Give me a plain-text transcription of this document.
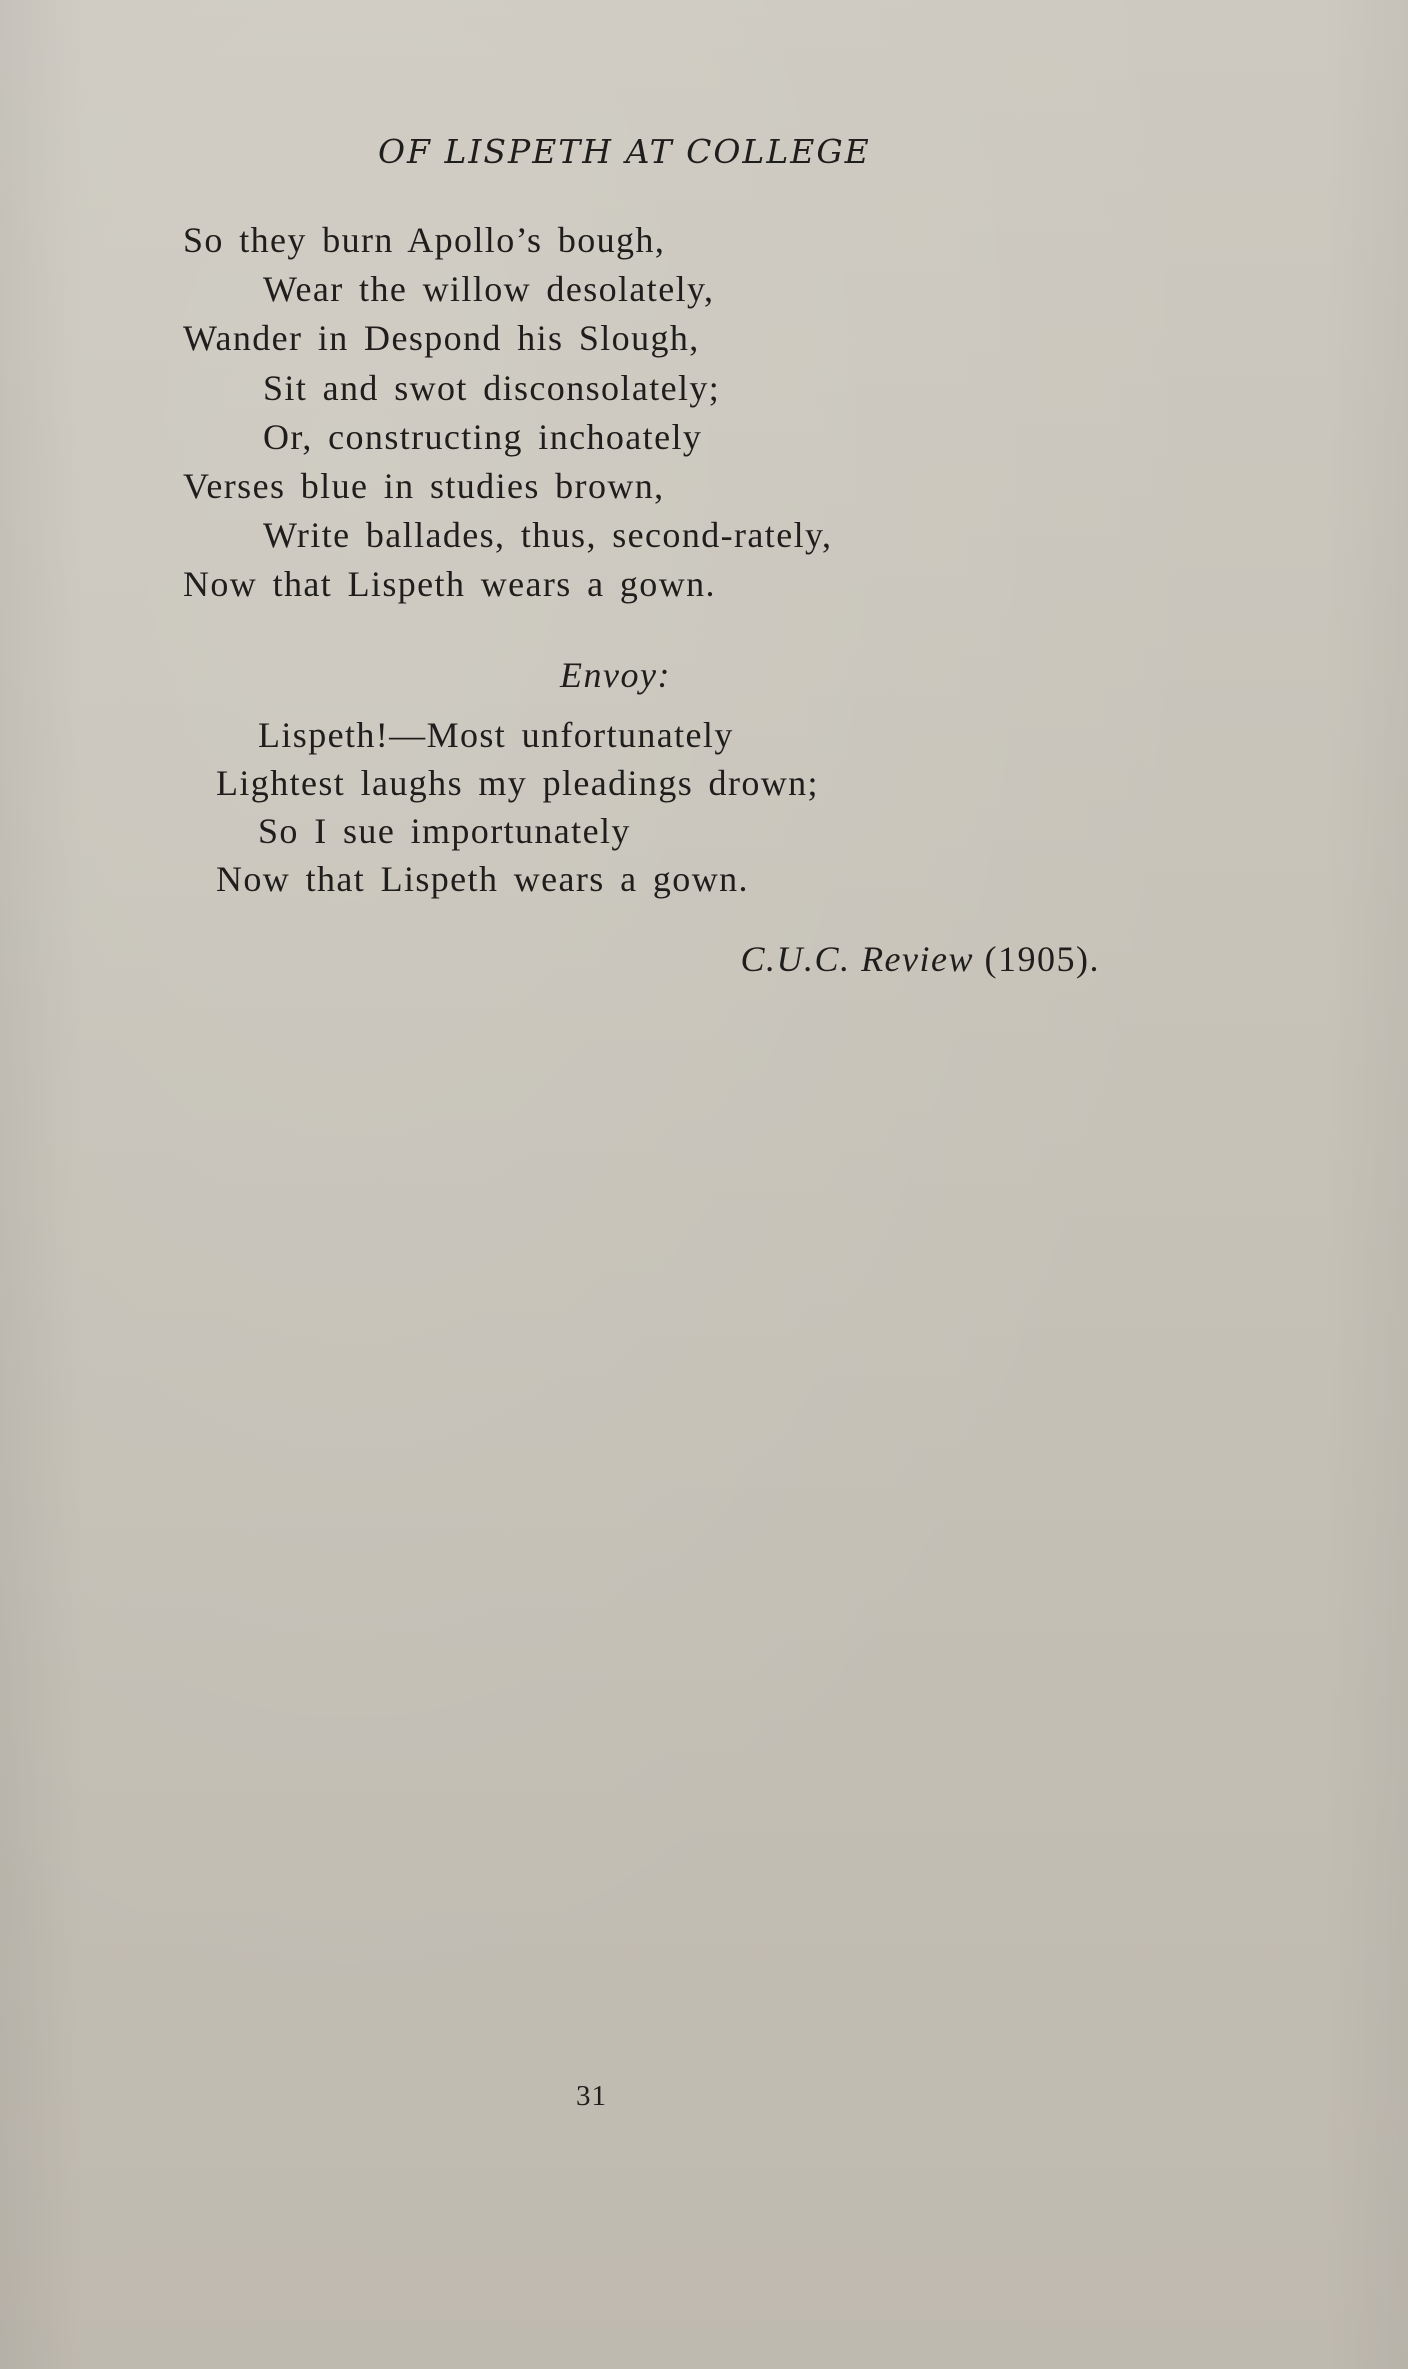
OF LISPETH AT COLLEGE
So they burn Apollo’s bough,
Wear the willow desolately,
Wander in Despond his Slough,
Sit and swot disconsolately;
Or, constructing inchoately
Verses blue in studies brown,
Write ballades, thus, second-rately,
Now that Lispeth wears a gown.
Envoy:
Lispeth!—Most unfortunately
Lightest laughs my pleadings drown;
So I sue importunately
Now that Lispeth wears a gown.
C.U.C. Review (1905).
31
